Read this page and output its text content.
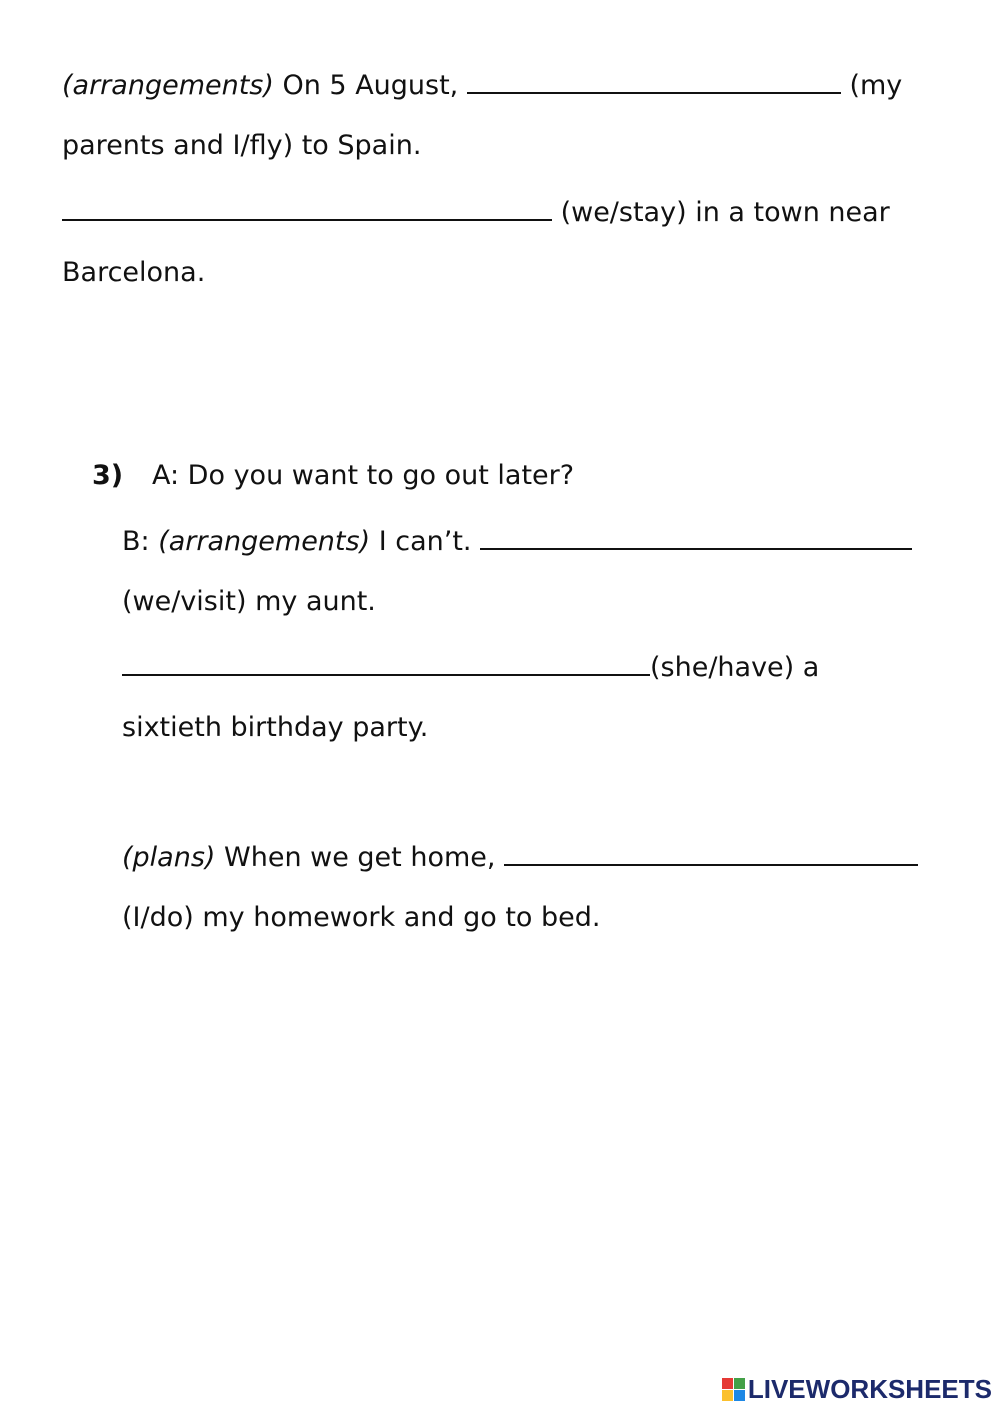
(arrangements) On 5 August,	(my
parents and I/fly) to Spain.
(we/stay) in a town near
Barcelona.
3) A: Do you want to go out later?
B: (arrangements) I can’t.
(we/visit) my aunt.
(she/have) a
sixtieth birthday party.
(plans) When we get home,
(I/do) my homework and go to bed.
LIVEWORKSHEETS
